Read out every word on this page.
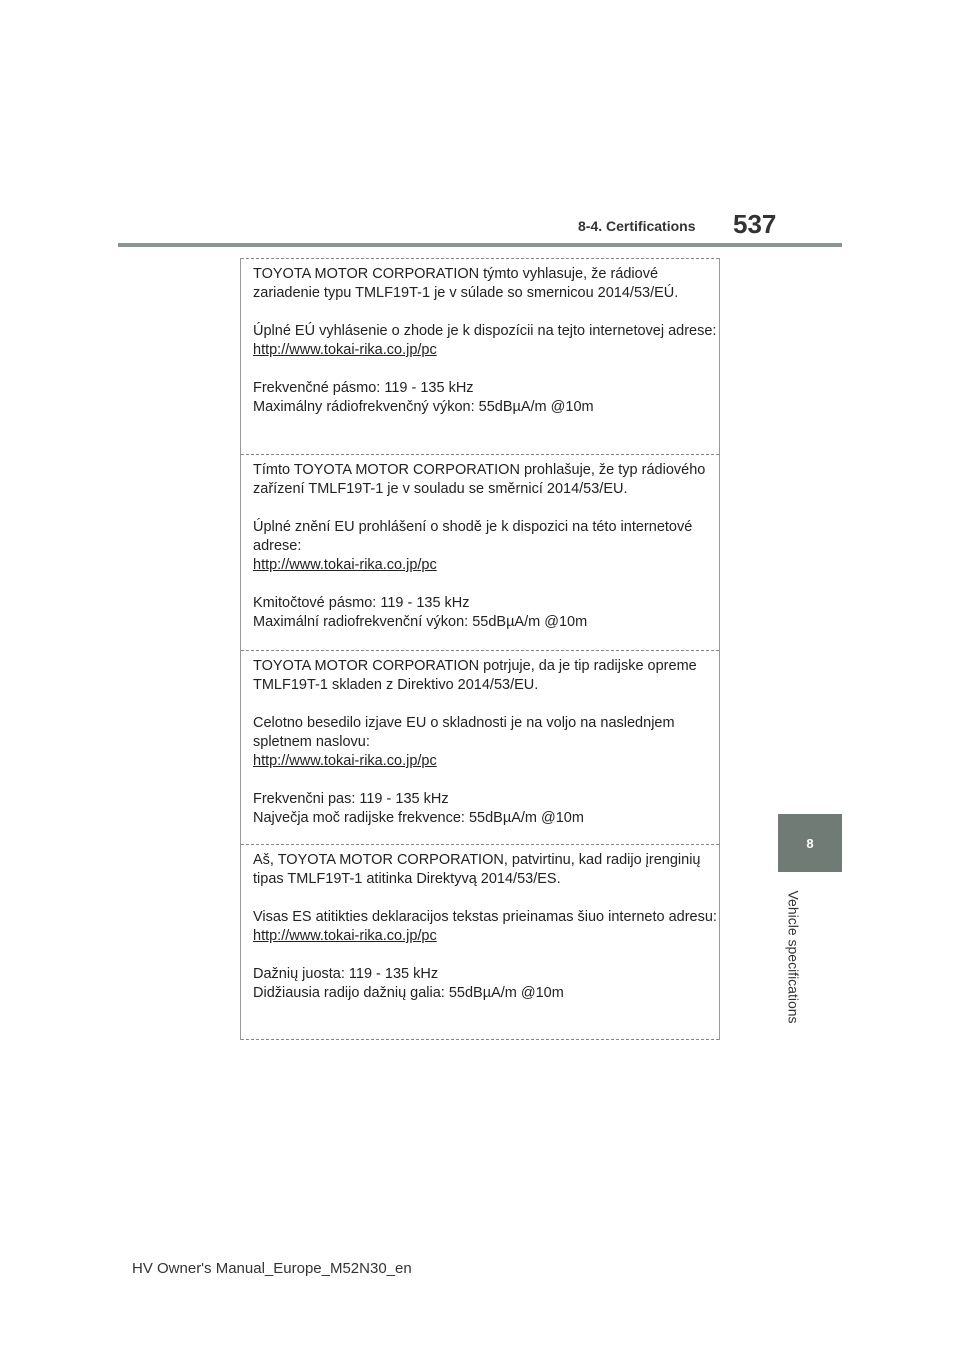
8-4. Certifications 537
8
Vehicle specifications

TOYOTA MOTOR CORPORATION týmto vyhlasuje, že rádiové zariadenie typu TMLF19T-1 je v súlade so smernicou 2014/53/EÚ.

Úplné EÚ vyhlásenie o zhode je k dispozícii na tejto internetovej adrese:

http://www.tokai-rika.co.jp/pc

Frekvenčné pásmo: 119 - 135 kHz

Maximálny rádiofrekvenčný výkon: 55dBµA/m @10m

Tímto TOYOTA MOTOR CORPORATION prohlašuje, že typ rádiového zařízení TMLF19T-1 je v souladu se směrnicí 2014/53/EU.

Úplné znění EU prohlášení o shodě je k dispozici na této internetové adrese:

http://www.tokai-rika.co.jp/pc

Kmitočtové pásmo: 119 - 135 kHz

Maximální radiofrekvenční výkon: 55dBµA/m @10m

TOYOTA MOTOR CORPORATION potrjuje, da je tip radijske opreme TMLF19T-1 skladen z Direktivo 2014/53/EU.

Celotno besedilo izjave EU o skladnosti je na voljo na naslednjem spletnem naslovu:

http://www.tokai-rika.co.jp/pc

Frekvenčni pas: 119 - 135 kHz

Največja moč radijske frekvence: 55dBµA/m @10m

Aš, TOYOTA MOTOR CORPORATION, patvirtinu, kad radijo įrenginių tipas TMLF19T-1 atitinka Direktyvą 2014/53/ES.

Visas ES atitikties deklaracijos tekstas prieinamas šiuo interneto adresu:

http://www.tokai-rika.co.jp/pc

Dažnių juosta: 119 - 135 kHz

Didžiausia radijo dažnių galia: 55dBµA/m @10m

HV Owner's Manual_Europe_M52N30_en
